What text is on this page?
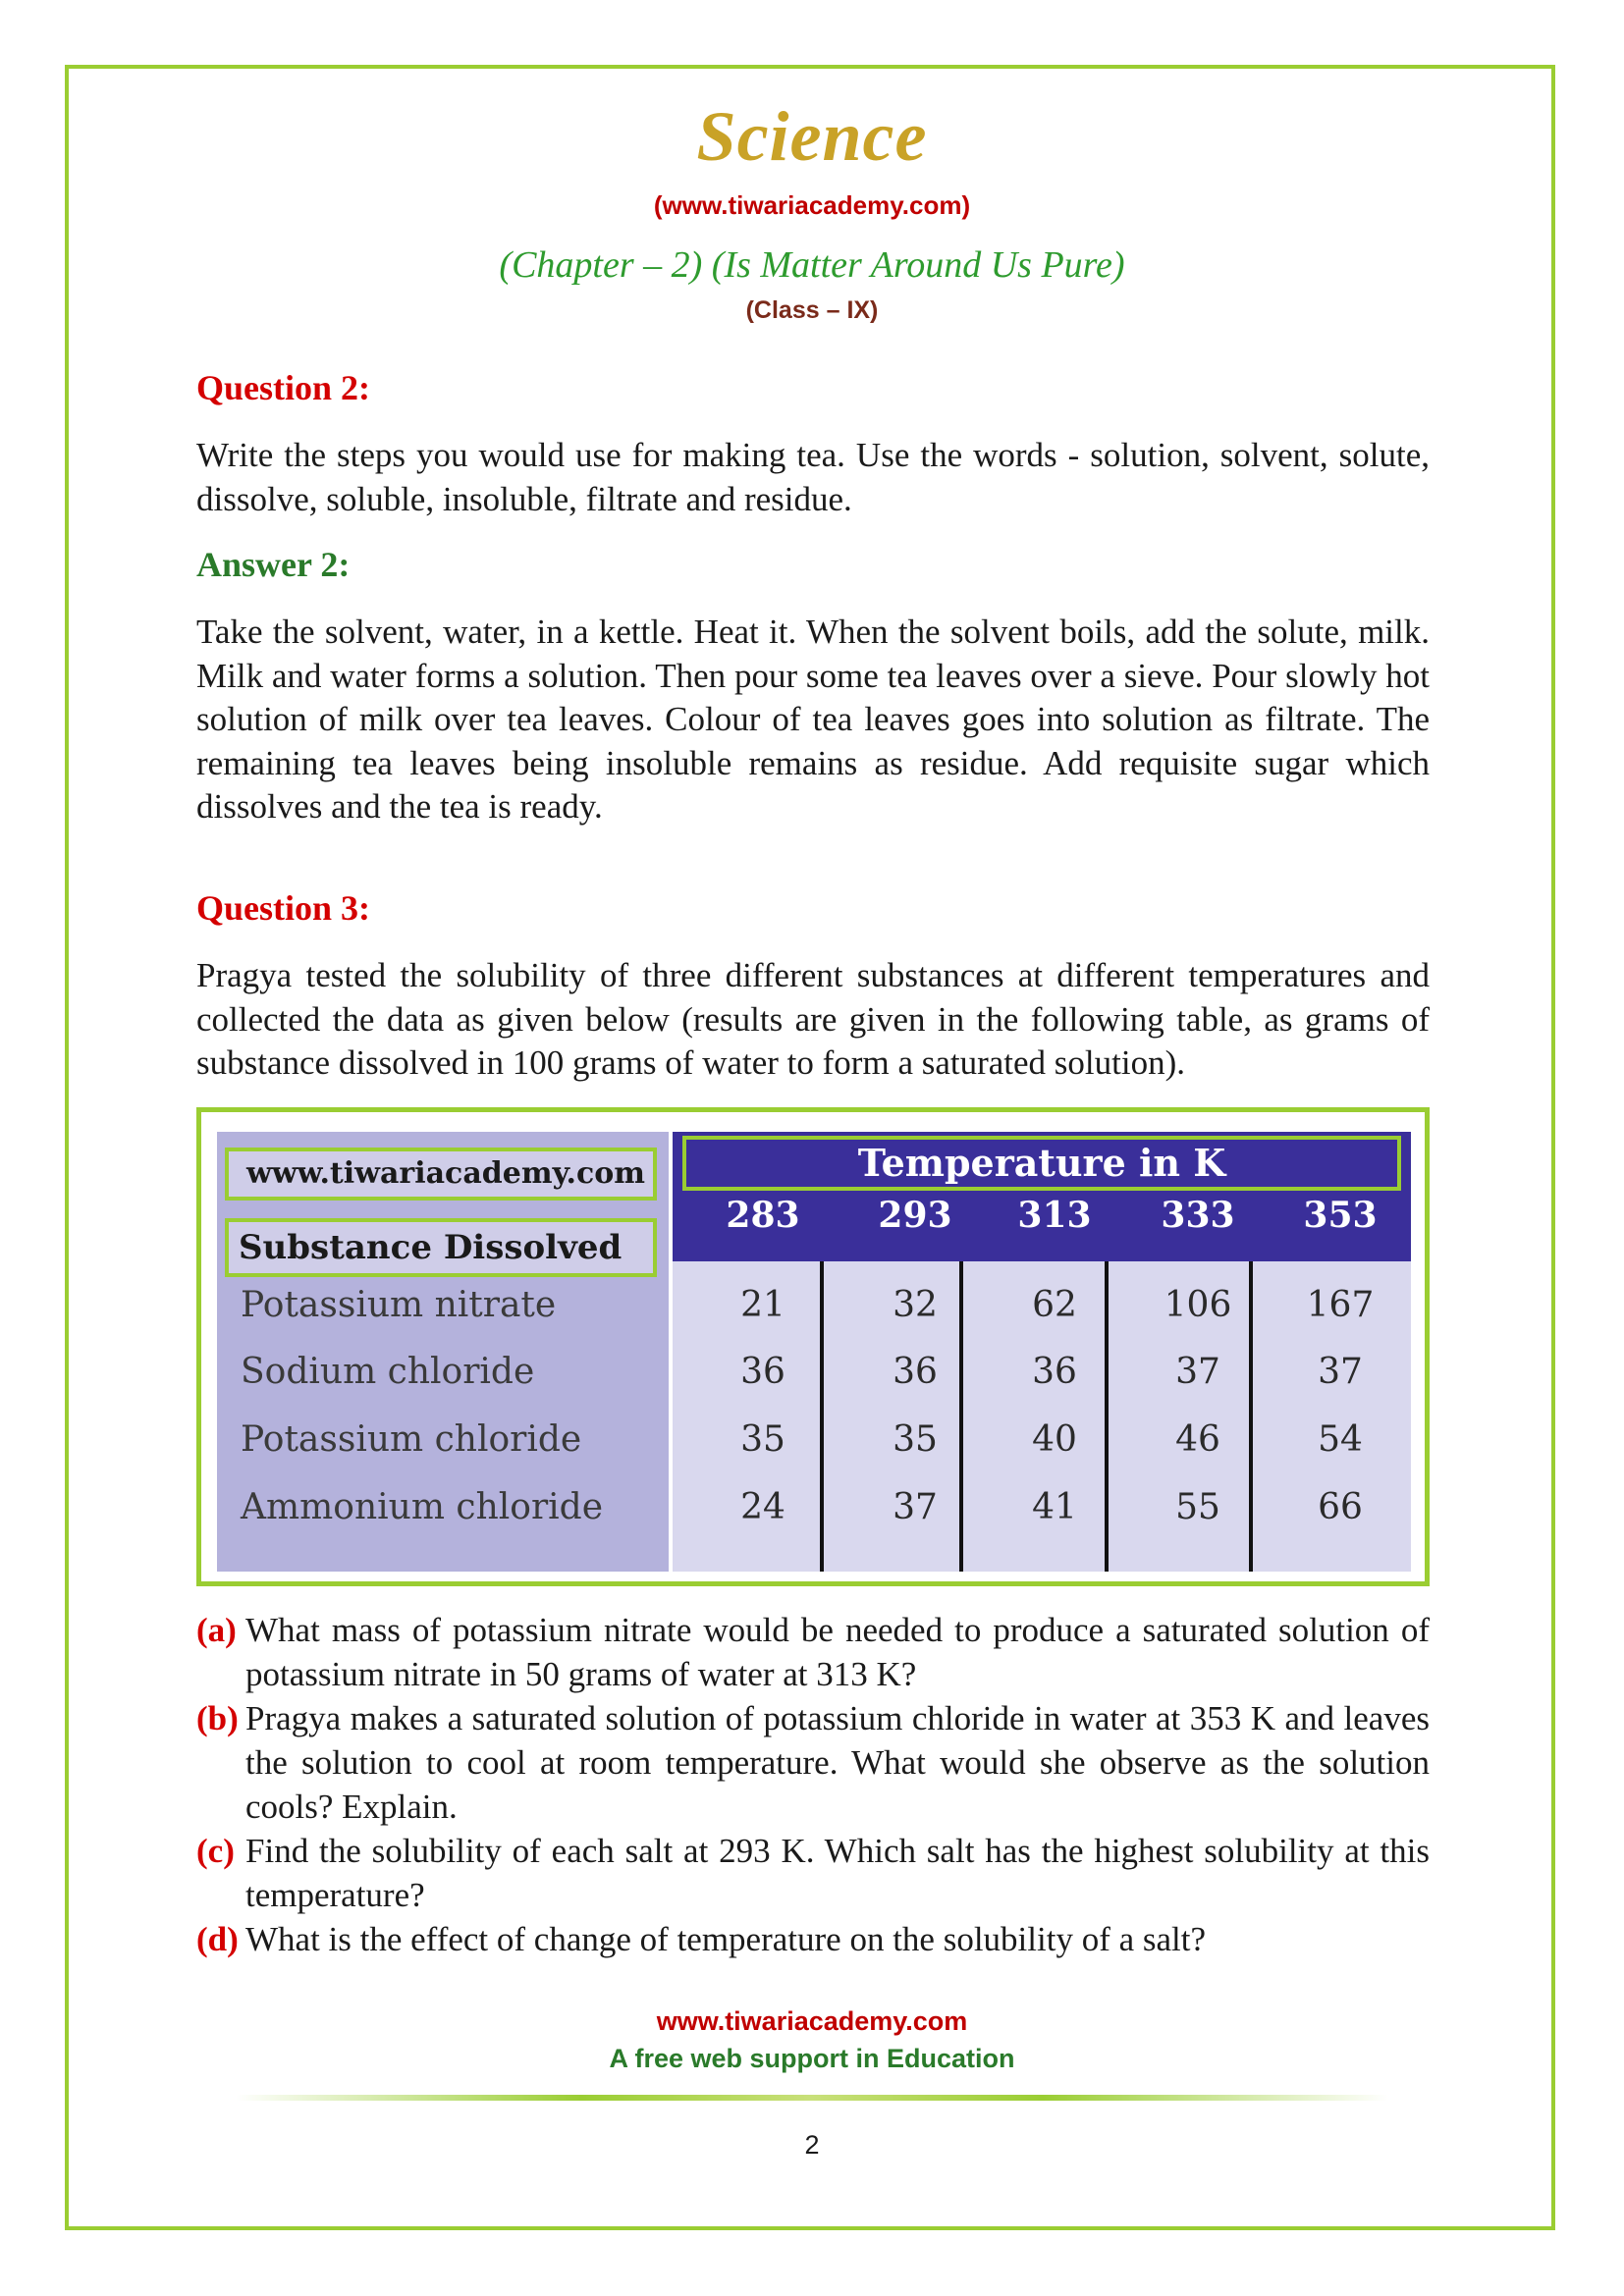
Science
(www.tiwariacademy.com)
(Chapter – 2) (Is Matter Around Us Pure)
(Class – IX)
Question 2:
Write the steps you would use for making tea. Use the words - solution, solvent, solute, dissolve, soluble, insoluble, filtrate and residue.
Answer 2:
Take the solvent, water, in a kettle. Heat it. When the solvent boils, add the solute, milk. Milk and water forms a solution. Then pour some tea leaves over a sieve. Pour slowly hot solution of milk over tea leaves. Colour of tea leaves goes into solution as filtrate. The remaining tea leaves being insoluble remains as residue. Add requisite sugar which dissolves and the tea is ready.
Question 3:
Pragya tested the solubility of three different substances at different temperatures and collected the data as given below (results are given in the following table, as grams of substance dissolved in 100 grams of water to form a saturated solution).
Temperature in K
www.tiwariacademy.com
Substance Dissolved
283	293	313	333	353
Potassium nitrate	21	32	62	106	167
Sodium chloride	36	36	36	37	37
Potassium chloride	35	35	40	46	54
Ammonium chloride	24	37	41	55	66
(a) What mass of potassium nitrate would be needed to produce a saturated solution of potassium nitrate in 50 grams of water at 313 K?
(b) Pragya makes a saturated solution of potassium chloride in water at 353 K and leaves the solution to cool at room temperature. What would she observe as the solution cools? Explain.
(c) Find the solubility of each salt at 293 K. Which salt has the highest solubility at this temperature?
(d) What is the effect of change of temperature on the solubility of a salt?
www.tiwariacademy.com
A free web support in Education
2
